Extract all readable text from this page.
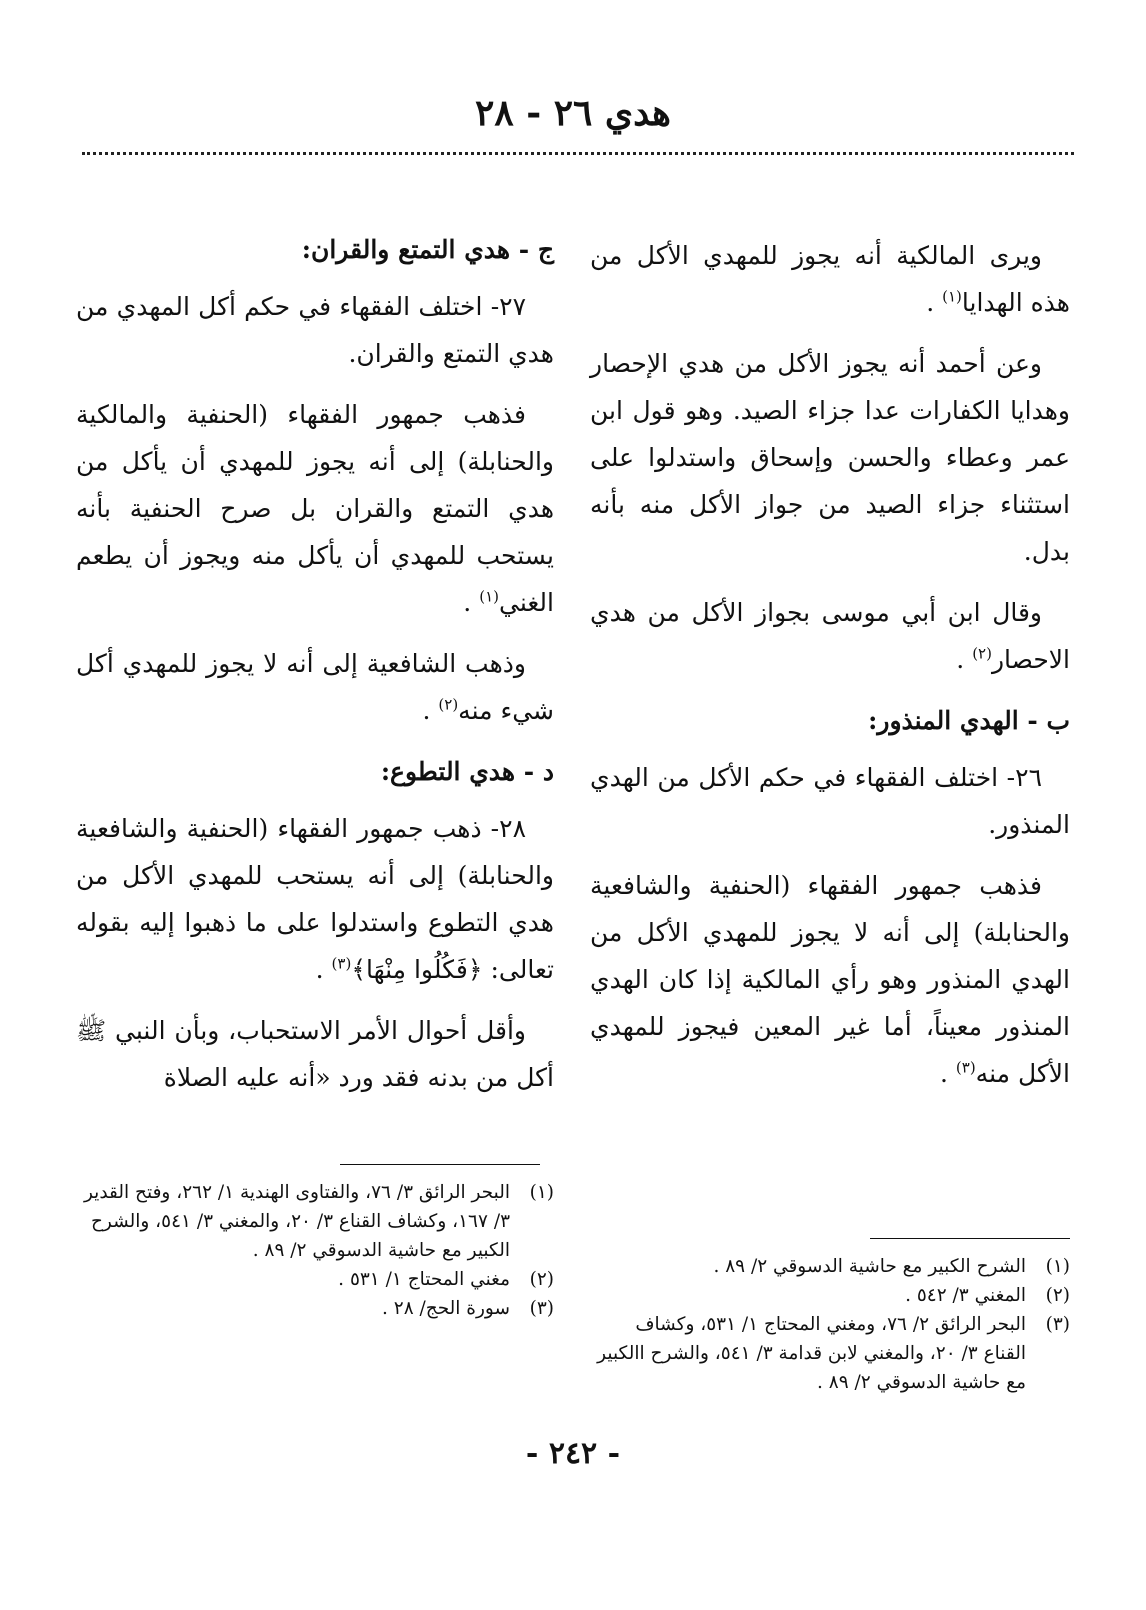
هدي ٢٦ - ٢٨

ويرى المالكية أنه يجوز للمهدي الأكل من هذه الهدايا$^{(١)}$ .

وعن أحمد أنه يجوز الأكل من هدي الإحصار وهدايا الكفارات عدا جزاء الصيد. وهو قول ابن عمر وعطاء والحسن وإسحاق واستدلوا على استثناء جزاء الصيد من جواز الأكل منه بأنه بدل.

وقال ابن أبي موسى بجواز الأكل من هدي الاحصار$^{(٢)}$ .

ب - الهدي المنذور:

٢٦- اختلف الفقهاء في حكم الأكل من الهدي المنذور.

فذهب جمهور الفقهاء (الحنفية والشافعية والحنابلة) إلى أنه لا يجوز للمهدي الأكل من الهدي المنذور وهو رأي المالكية إذا كان الهدي المنذور معيناً، أما غير المعين فيجوز للمهدي الأكل منه$^{(٣)}$ .

ج - هدي التمتع والقران:

٢٧- اختلف الفقهاء في حكم أكل المهدي من هدي التمتع والقران.

فذهب جمهور الفقهاء (الحنفية والمالكية والحنابلة) إلى أنه يجوز للمهدي أن يأكل من هدي التمتع والقران بل صرح الحنفية بأنه يستحب للمهدي أن يأكل منه ويجوز أن يطعم الغني$^{(١)}$ .

وذهب الشافعية إلى أنه لا يجوز للمهدي أكل شيء منه$^{(٢)}$ .

د - هدي التطوع:

٢٨- ذهب جمهور الفقهاء (الحنفية والشافعية والحنابلة) إلى أنه يستحب للمهدي الأكل من هدي التطوع واستدلوا على ما ذهبوا إليه بقوله تعالى: ﴿فَكُلُوا مِنْهَا﴾$^{(٣)}$ .

وأقل أحوال الأمر الاستحباب، وبأن النبي ﷺ أكل من بدنه فقد ورد «أنه عليه الصلاة

(١)
الشرح الكبير مع حاشية الدسوقي ٢/ ٨٩ .
(٢)
المغني ٣/ ٥٤٢ .
(٣)
البحر الرائق ٢/ ٧٦، ومغني المحتاج ١/ ٥٣١، وكشاف القناع ٣/ ٢٠، والمغني لابن قدامة ٣/ ٥٤١، والشرح االكبير مع حاشية الدسوقي ٢/ ٨٩ .
(١)
البحر الرائق ٣/ ٧٦، والفتاوى الهندية ١/ ٢٦٢، وفتح القدير ٣/ ١٦٧، وكشاف القناع ٣/ ٢٠، والمغني ٣/ ٥٤١، والشرح الكبير مع حاشية الدسوقي ٢/ ٨٩ .
(٢)
مغني المحتاج ١/ ٥٣١ .
(٣)
سورة الحج/ ٢٨ .
- ٢٤٢ -
